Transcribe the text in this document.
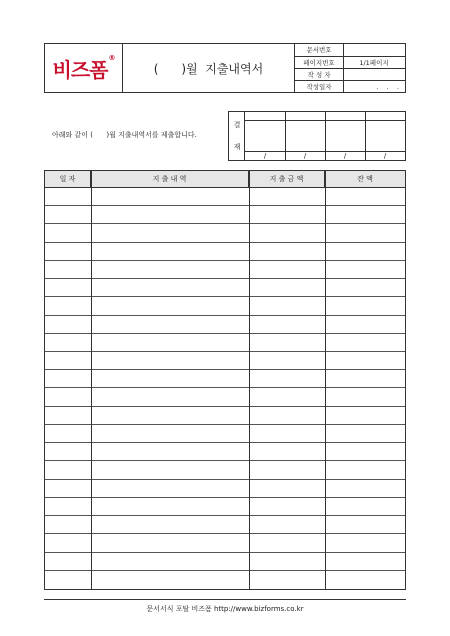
비즈폼®
(      )월  지출내역서
문서번호
페이지번호	1/1페이지
작 성 자
작성일자	.    .    .
아래와 같이 (      )월 지출내역서를 제출합니다.
결
재
/	/	/	/
일 자	지 출 내 역	지 출 금 액	잔 액
문서서식 포탈 비즈폼 http://www.bizforms.co.kr
